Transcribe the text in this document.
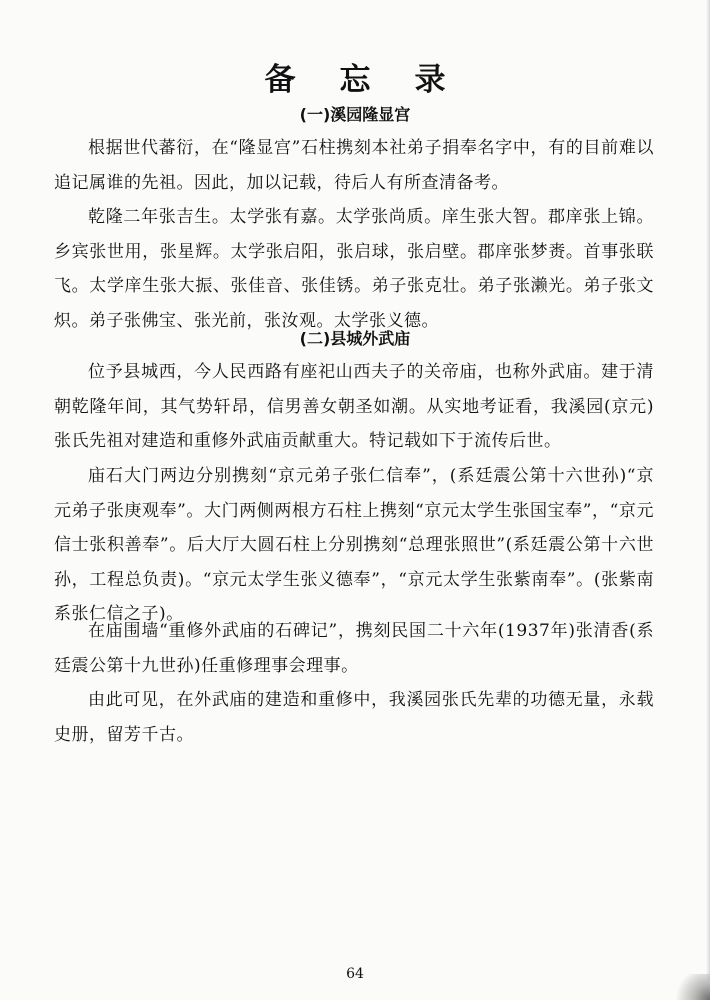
备忘录
(一)溪园隆显宫
根据世代蕃衍，在“隆显宫”石柱携刻本社弟子捐奉名字中，有的目前难以追记属谁的先祖。因此，加以记载，待后人有所查清备考。
乾隆二年张吉生。太学张有嘉。太学张尚质。庠生张大智。郡庠张上锦。乡宾张世用，张星辉。太学张启阳，张启球，张启壁。郡庠张梦赉。首事张联飞。太学庠生张大振、张佳音、张佳锈。弟子张克壮。弟子张濑光。弟子张文炽。弟子张佛宝、张光前，张汝观。太学张义德。
(二)县城外武庙
位予县城西，今人民西路有座祀山西夫子的关帝庙，也称外武庙。建于清朝乾隆年间，其气势轩昂，信男善女朝圣如潮。从实地考证看，我溪园(京元)张氏先祖对建造和重修外武庙贡献重大。特记载如下于流传后世。
庙石大门两边分别携刻“京元弟子张仁信奉”，(系廷震公第十六世孙)“京元弟子张庚观奉”。大门两侧两根方石柱上携刻“京元太学生张国宝奉”，“京元信士张积善奉”。后大厅大圆石柱上分别携刻“总理张照世”(系廷震公第十六世孙，工程总负责)。“京元太学生张义德奉”，“京元太学生张紫南奉”。(张紫南系张仁信之子)。
在庙围墙“重修外武庙的石碑记”，携刻民国二十六年(1937年)张清香(系廷震公第十九世孙)任重修理事会理事。
由此可见，在外武庙的建造和重修中，我溪园张氏先辈的功德无量，永载史册，留芳千古。
64
